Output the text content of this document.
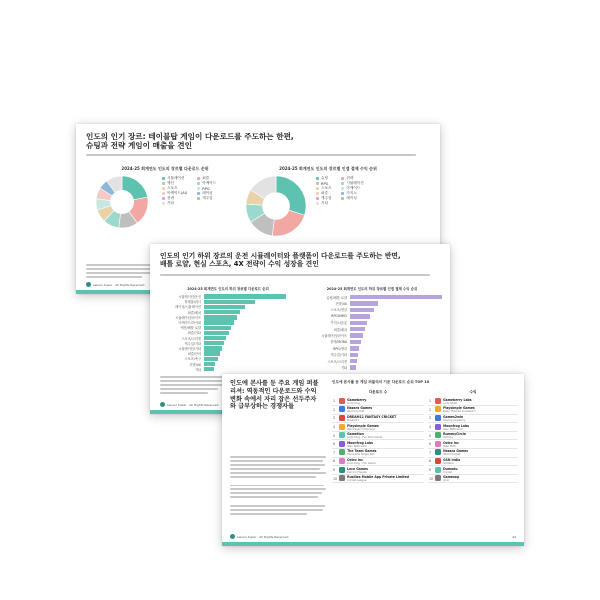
인도의 인기 장르: 테이블탑 게임이 다운로드를 주도하는 한편,
슈팅과 전략 게임이 매출을 견인
2024-25 회계연도 인도의 장르별 다운로드 순위
시뮬레이션	퍼즐
액션	아케이드
스포츠	RPG
아케이드(AI)	레이싱
전략	캐주얼
기타
2024-25 회계연도 인도의 장르별 인앱 결제 수익 순위
슈팅	전략
RPG	시뮬레이션
스포츠	아케이드
퍼즐	카지노
캐주얼	레이싱
기타
sensor tower · All Rights Reserved
인도의 인기 하위 장르의 운전 시뮬레이터와 플랫폼이 다운로드를 주도하는 반면,
배틀 로얄, 현실 스포츠, 4X 전략이 수익 성장을 견인
2024-25 회계연도 인도의 하위 장르별 다운로드 순위
시뮬레이션/운전
플랫폼/러너
레이싱/시뮬레이션
퍼즐/매치
시뮬레이션/라이프
아케이드/하이퍼
액션/배틀 로얄
퍼즐/기타
스포츠/크리켓
캐주얼/기타
시뮬레이션/기타
퍼즐/단어
스포츠/축구
전략/4X
기타
2024-25 회계연도 인도의 하위 장르별 인앱 결제 수익 순위
슈팅/배틀 로얄
전략/4X
스포츠/현실
RPG/MMO
카지노/슬롯
퍼즐/매치
시뮬레이션/라이프
전략/MOBA
RPG/방치
캐주얼/기타
스포츠/크리켓
기타
sensor tower · All Rights Reserved
인도에 본사를 둔 주요 게임 퍼블리셔: 역동적인 다운로드와 수익 변화 속에서 자리 잡은 선두주자와 급부상하는 경쟁자들
인도에 본사를 둔 게임 퍼블리셔 기준 다운로드 순위 TOP 10
다운로드 수
1		Gameberry
Ludo King

2		Nazara Games
World Cricket

3		DREAM11 FANTASY CRICKET
Dream11

4		Playsimple Games
Word Search Explorer

5		Gametion
Ludo King - Fun Dice Game

6		Moonfrog Labs
Teen Patti Gold

7		The Team Games
Tile Game Single Dirt

8		Octro Inc
Ludo King - Fun Game

9		Loco Games
Carrom Friends

10		Rusiliza Mobile App Private Limited
Cricket League
수익
1		Gameberry Labs
Ludo STAR

2		Playsimple Games
Daily Themed Crossword

3		Games2win
Driving Academy

4		Moonfrog Labs
Teen Patti Gold

5		RummyCircle
Rummy

6		Octro Inc
Teen Patti

7		Nazara Games
World Cricket

8		GSN India
Solitaire

9		Dumadu
Cricket

10		Gamezop
Quiz
sensor tower · All Rights Reserved	44
